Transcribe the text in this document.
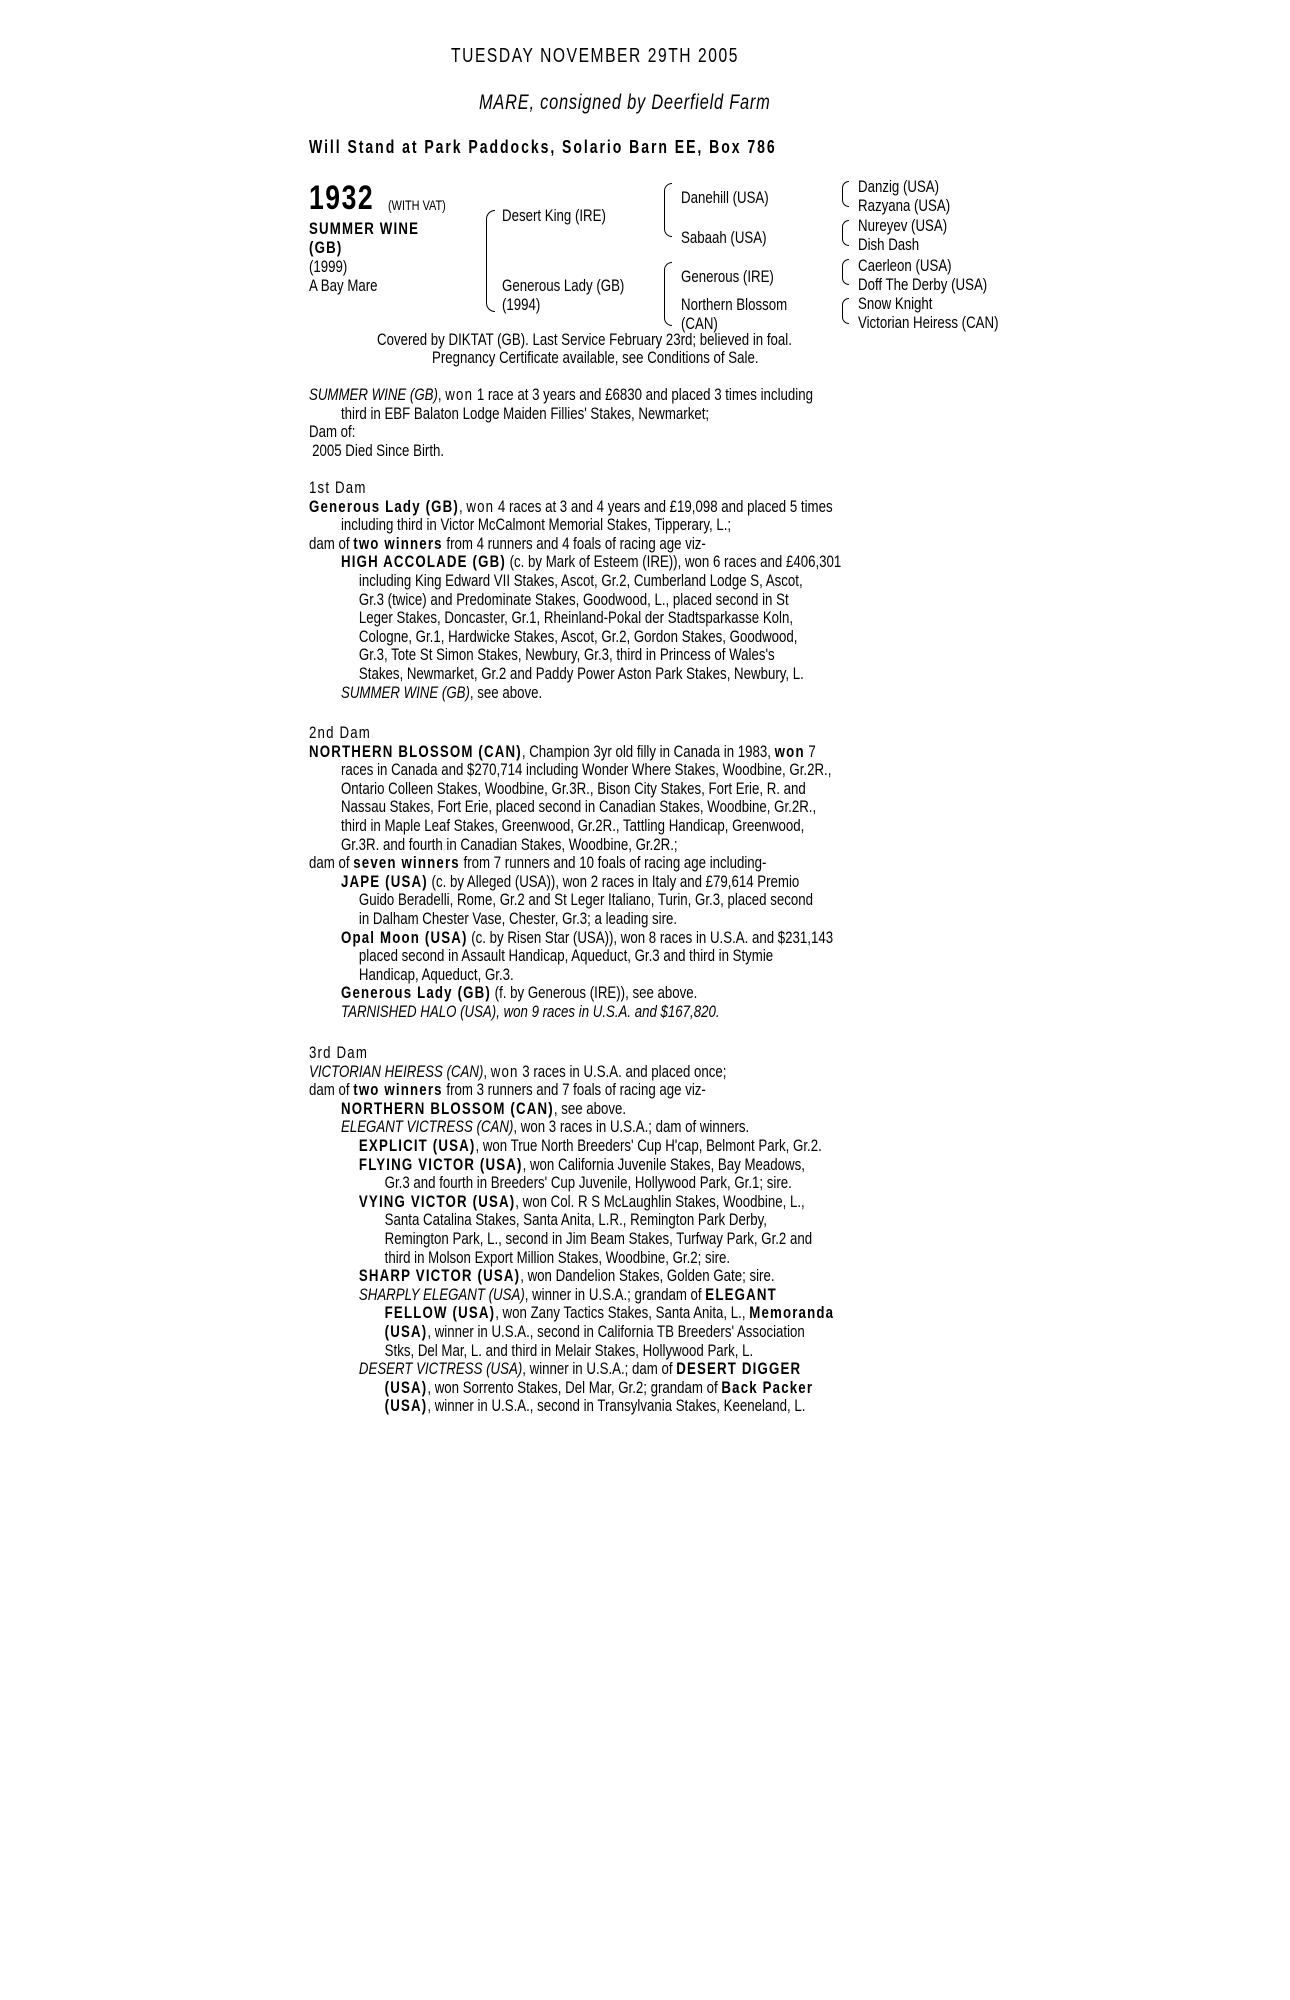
TUESDAY NOVEMBER 29TH 2005
MARE, consigned by Deerfield Farm
Will Stand at Park Paddocks, Solario Barn EE, Box 786
1932 (WITH VAT)
SUMMER WINE
(GB)
(1999)
A Bay Mare
Desert King (IRE)
Generous Lady (GB)
(1994)
Danehill (USA)
Sabaah (USA)
Generous (IRE)
Northern Blossom
(CAN)
Danzig (USA)
Razyana (USA)
Nureyev (USA)
Dish Dash
Caerleon (USA)
Doff The Derby (USA)
Snow Knight
Victorian Heiress (CAN)
Covered by DIKTAT (GB). Last Service February 23rd; believed in foal.
Pregnancy Certificate available, see Conditions of Sale.
SUMMER WINE (GB), won 1 race at 3 years and £6830 and placed 3 times including
third in EBF Balaton Lodge Maiden Fillies' Stakes, Newmarket;
Dam of:
2005 Died Since Birth.
1st Dam
Generous Lady (GB), won 4 races at 3 and 4 years and £19,098 and placed 5 times
including third in Victor McCalmont Memorial Stakes, Tipperary, L.;
dam of two winners from 4 runners and 4 foals of racing age viz-
HIGH ACCOLADE (GB) (c. by Mark of Esteem (IRE)), won 6 races and £406,301
including King Edward VII Stakes, Ascot, Gr.2, Cumberland Lodge S, Ascot,
Gr.3 (twice) and Predominate Stakes, Goodwood, L., placed second in St
Leger Stakes, Doncaster, Gr.1, Rheinland-Pokal der Stadtsparkasse Koln,
Cologne, Gr.1, Hardwicke Stakes, Ascot, Gr.2, Gordon Stakes, Goodwood,
Gr.3, Tote St Simon Stakes, Newbury, Gr.3, third in Princess of Wales's
Stakes, Newmarket, Gr.2 and Paddy Power Aston Park Stakes, Newbury, L.
SUMMER WINE (GB), see above.
2nd Dam
NORTHERN BLOSSOM (CAN), Champion 3yr old filly in Canada in 1983, won 7
races in Canada and $270,714 including Wonder Where Stakes, Woodbine, Gr.2R.,
Ontario Colleen Stakes, Woodbine, Gr.3R., Bison City Stakes, Fort Erie, R. and
Nassau Stakes, Fort Erie, placed second in Canadian Stakes, Woodbine, Gr.2R.,
third in Maple Leaf Stakes, Greenwood, Gr.2R., Tattling Handicap, Greenwood,
Gr.3R. and fourth in Canadian Stakes, Woodbine, Gr.2R.;
dam of seven winners from 7 runners and 10 foals of racing age including-
JAPE (USA) (c. by Alleged (USA)), won 2 races in Italy and £79,614 Premio
Guido Beradelli, Rome, Gr.2 and St Leger Italiano, Turin, Gr.3, placed second
in Dalham Chester Vase, Chester, Gr.3; a leading sire.
Opal Moon (USA) (c. by Risen Star (USA)), won 8 races in U.S.A. and $231,143
placed second in Assault Handicap, Aqueduct, Gr.3 and third in Stymie
Handicap, Aqueduct, Gr.3.
Generous Lady (GB) (f. by Generous (IRE)), see above.
TARNISHED HALO (USA), won 9 races in U.S.A. and $167,820.
3rd Dam
VICTORIAN HEIRESS (CAN), won 3 races in U.S.A. and placed once;
dam of two winners from 3 runners and 7 foals of racing age viz-
NORTHERN BLOSSOM (CAN), see above.
ELEGANT VICTRESS (CAN), won 3 races in U.S.A.; dam of winners.
EXPLICIT (USA), won True North Breeders' Cup H'cap, Belmont Park, Gr.2.
FLYING VICTOR (USA), won California Juvenile Stakes, Bay Meadows,
Gr.3 and fourth in Breeders' Cup Juvenile, Hollywood Park, Gr.1; sire.
VYING VICTOR (USA), won Col. R S McLaughlin Stakes, Woodbine, L.,
Santa Catalina Stakes, Santa Anita, L.R., Remington Park Derby,
Remington Park, L., second in Jim Beam Stakes, Turfway Park, Gr.2 and
third in Molson Export Million Stakes, Woodbine, Gr.2; sire.
SHARP VICTOR (USA), won Dandelion Stakes, Golden Gate; sire.
SHARPLY ELEGANT (USA), winner in U.S.A.; grandam of ELEGANT
FELLOW (USA), won Zany Tactics Stakes, Santa Anita, L., Memoranda
(USA), winner in U.S.A., second in California TB Breeders' Association
Stks, Del Mar, L. and third in Melair Stakes, Hollywood Park, L.
DESERT VICTRESS (USA), winner in U.S.A.; dam of DESERT DIGGER
(USA), won Sorrento Stakes, Del Mar, Gr.2; grandam of Back Packer
(USA), winner in U.S.A., second in Transylvania Stakes, Keeneland, L.
